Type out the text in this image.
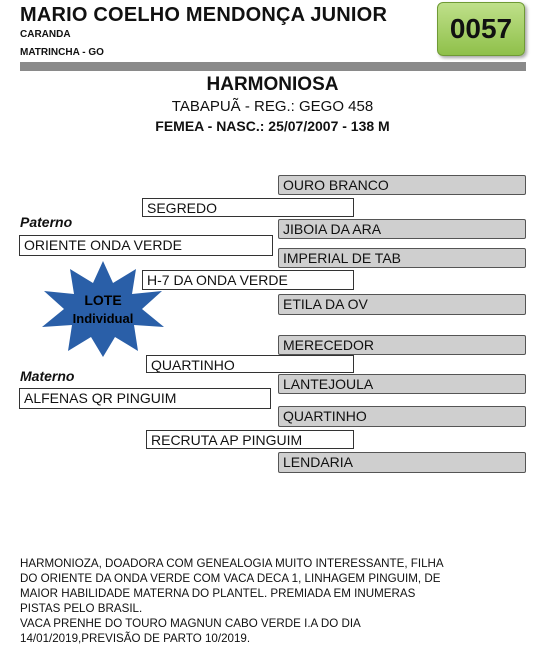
MARIO COELHO MENDONÇA JUNIOR
CARANDA
MATRINCHA - GO
0057
HARMONIOSA
TABAPUÃ - REG.: GEGO 458
FEMEA - NASC.: 25/07/2007 - 138 M
OURO BRANCO
SEGREDO
Paterno	JIBOIA DA ARA
ORIENTE ONDA VERDE
IMPERIAL DE TAB
H-7 DA ONDA VERDE
ETILA DA OV
LOTE
Individual
MERECEDOR
QUARTINHO
Materno	LANTEJOULA
ALFENAS QR PINGUIM
QUARTINHO
RECRUTA AP PINGUIM
LENDARIA
HARMONIOZA, DOADORA COM GENEALOGIA MUITO INTERESSANTE, FILHA
DO ORIENTE DA ONDA VERDE COM VACA DECA 1, LINHAGEM PINGUIM, DE
MAIOR HABILIDADE MATERNA DO PLANTEL. PREMIADA EM INUMERAS
PISTAS PELO BRASIL.
VACA PRENHE DO TOURO MAGNUN CABO VERDE I.A DO DIA
14/01/2019,PREVISÃO DE PARTO 10/2019.
